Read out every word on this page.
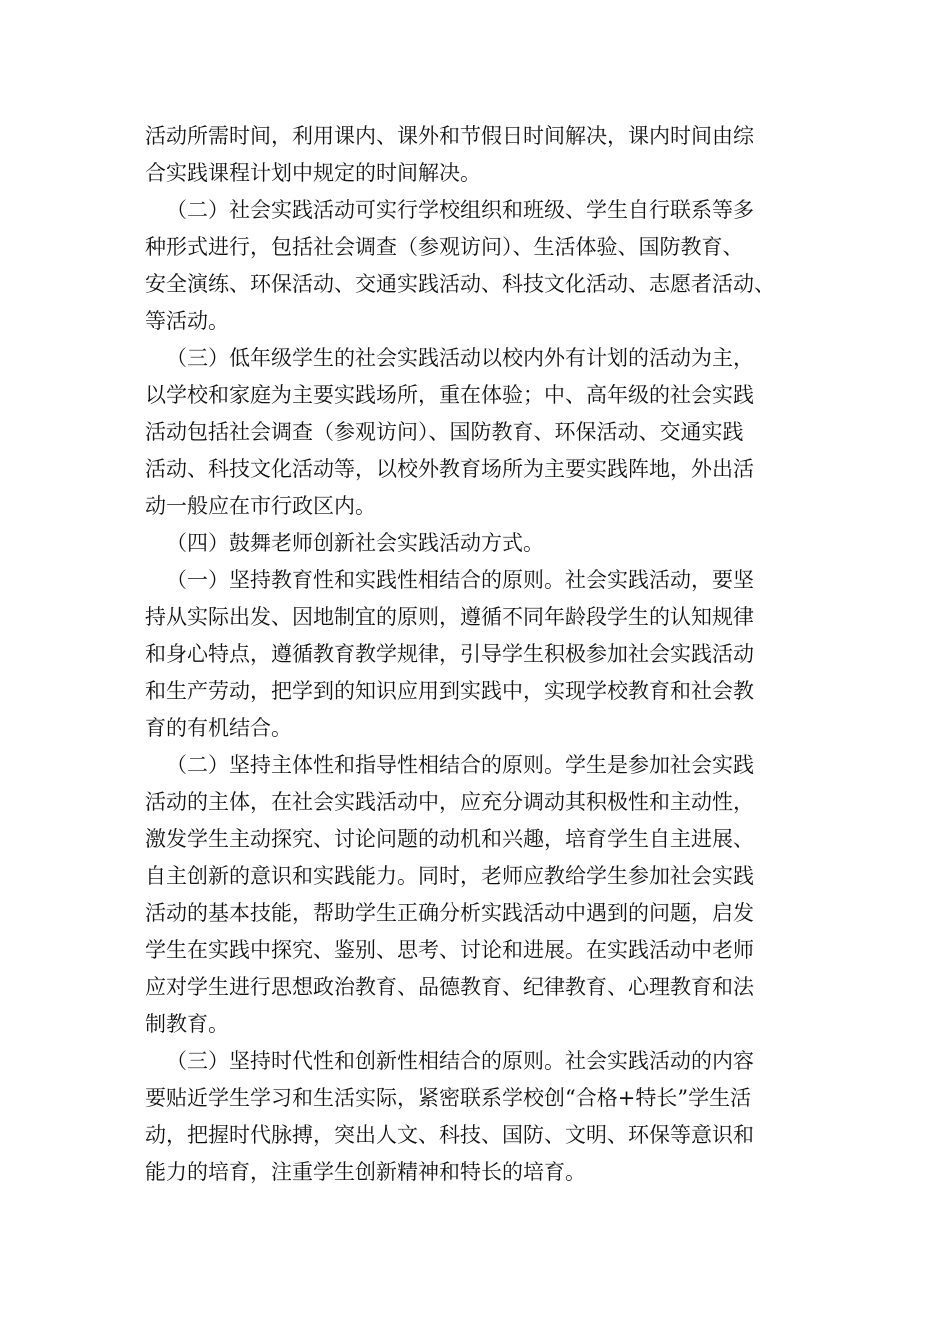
活动所需时间，利用课内、课外和节假日时间解决，课内时间由综
合实践课程计划中规定的时间解决。

（二）社会实践活动可实行学校组织和班级、学生自行联系等多
种形式进行，包括社会调查（参观访问）、生活体验、国防教育、
安全演练、环保活动、交通实践活动、科技文化活动、志愿者活动、
等活动。

（三）低年级学生的社会实践活动以校内外有计划的活动为主，
以学校和家庭为主要实践场所，重在体验；中、高年级的社会实践
活动包括社会调查（参观访问）、国防教育、环保活动、交通实践
活动、科技文化活动等，以校外教育场所为主要实践阵地，外出活
动一般应在市行政区内。

（四）鼓舞老师创新社会实践活动方式。

（一）坚持教育性和实践性相结合的原则。社会实践活动，要坚
持从实际出发、因地制宜的原则，遵循不同年龄段学生的认知规律
和身心特点，遵循教育教学规律，引导学生积极参加社会实践活动
和生产劳动，把学到的知识应用到实践中，实现学校教育和社会教
育的有机结合。

（二）坚持主体性和指导性相结合的原则。学生是参加社会实践
活动的主体，在社会实践活动中，应充分调动其积极性和主动性，
激发学生主动探究、讨论问题的动机和兴趣，培育学生自主进展、
自主创新的意识和实践能力。同时，老师应教给学生参加社会实践
活动的基本技能，帮助学生正确分析实践活动中遇到的问题，启发
学生在实践中探究、鉴别、思考、讨论和进展。在实践活动中老师
应对学生进行思想政治教育、品德教育、纪律教育、心理教育和法
制教育。

（三）坚持时代性和创新性相结合的原则。社会实践活动的内容
要贴近学生学习和生活实际，紧密联系学校创“合格+特长”学生活
动，把握时代脉搏，突出人文、科技、国防、文明、环保等意识和
能力的培育，注重学生创新精神和特长的培育。
